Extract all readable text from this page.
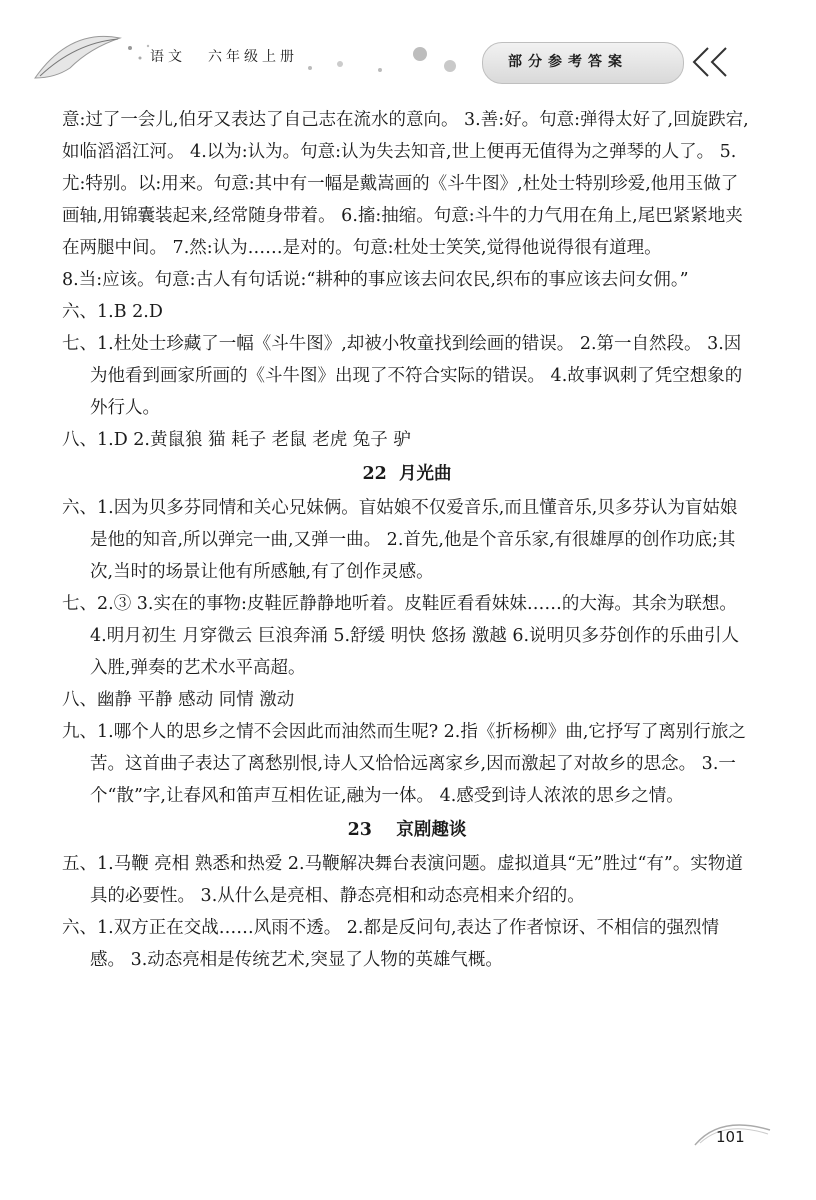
语文 六年级上册	部分参考答案

意:过了一会儿,伯牙又表达了自己志在流水的意向。 3.善:好。句意:弹得太好了,回旋跌宕,如临滔滔江河。 4.以为:认为。句意:认为失去知音,世上便再无值得为之弹琴的人了。 5.尤:特别。以:用来。句意:其中有一幅是戴嵩画的《斗牛图》,杜处士特别珍爱,他用玉做了画轴,用锦囊装起来,经常随身带着。 6.搐:抽缩。句意:斗牛的力气用在角上,尾巴紧紧地夹在两腿中间。 7.然:认为……是对的。句意:杜处士笑笑,觉得他说得很有道理。

8.当:应该。句意:古人有句话说:“耕种的事应该去问农民,织布的事应该去问女佣。”

六、1.B 2.D

七、1.杜处士珍藏了一幅《斗牛图》,却被小牧童找到绘画的错误。 2.第一自然段。 3.因为他看到画家所画的《斗牛图》出现了不符合实际的错误。 4.故事讽刺了凭空想象的外行人。

八、1.D 2.黄鼠狼 猫 耗子 老鼠 老虎 兔子 驴

22 月光曲

六、1.因为贝多芬同情和关心兄妹俩。盲姑娘不仅爱音乐,而且懂音乐,贝多芬认为盲姑娘是他的知音,所以弹完一曲,又弹一曲。 2.首先,他是个音乐家,有很雄厚的创作功底;其次,当时的场景让他有所感触,有了创作灵感。

七、2.③ 3.实在的事物:皮鞋匠静静地听着。皮鞋匠看看妹妹……的大海。其余为联想。 4.明月初生 月穿微云 巨浪奔涌 5.舒缓 明快 悠扬 激越 6.说明贝多芬创作的乐曲引人入胜,弹奏的艺术水平高超。

八、幽静 平静 感动 同情 激动

九、1.哪个人的思乡之情不会因此而油然而生呢? 2.指《折杨柳》曲,它抒写了离别行旅之苦。这首曲子表达了离愁别恨,诗人又恰恰远离家乡,因而激起了对故乡的思念。 3.一个“散”字,让春风和笛声互相佐证,融为一体。 4.感受到诗人浓浓的思乡之情。

23 京剧趣谈

五、1.马鞭 亮相 熟悉和热爱 2.马鞭解决舞台表演问题。虚拟道具“无”胜过“有”。实物道具的必要性。 3.从什么是亮相、静态亮相和动态亮相来介绍的。

六、1.双方正在交战……风雨不透。 2.都是反问句,表达了作者惊讶、不相信的强烈情感。 3.动态亮相是传统艺术,突显了人物的英雄气概。

101
